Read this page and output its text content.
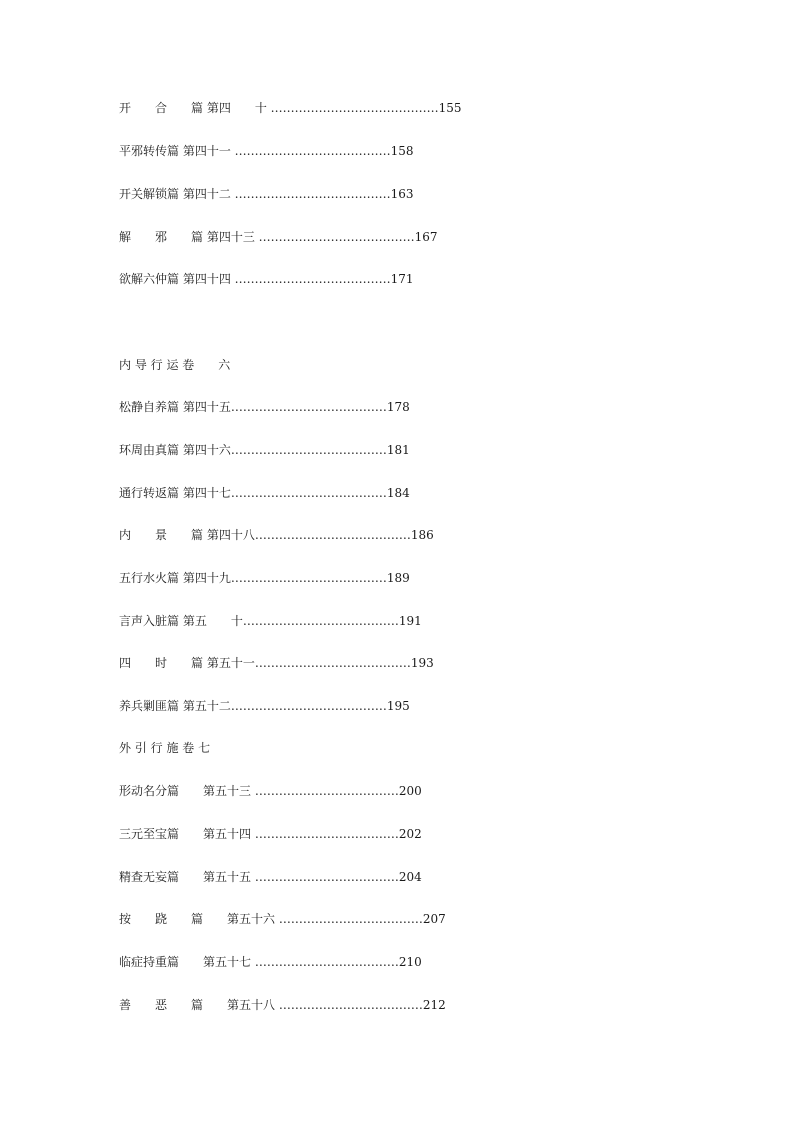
开　　合　　篇 第四　　十 ……………………………………155
平邪转传篇 第四十一 …………………………………158
开关解锁篇 第四十二 …………………………………163
解　　邪　　篇 第四十三 …………………………………167
欲解六仲篇 第四十四 …………………………………171
内 导 行 运 卷　　六
松静自养篇 第四十五…………………………………178
环周由真篇 第四十六…………………………………181
通行转返篇 第四十七…………………………………184
内　　景　　篇 第四十八…………………………………186
五行水火篇 第四十九…………………………………189
言声入脏篇 第五　　十…………………………………191
四　　时　　篇 第五十一…………………………………193
养兵剿匪篇 第五十二…………………………………195
外 引 行 施 卷 七
形动名分篇　　第五十三 ………………………………200
三元至宝篇　　第五十四 ………………………………202
精查无妄篇　　第五十五 ………………………………204
按　　跷　　篇　　第五十六 ………………………………207
临症持重篇　　第五十七 ………………………………210
善　　恶　　篇　　第五十八 ………………………………212
